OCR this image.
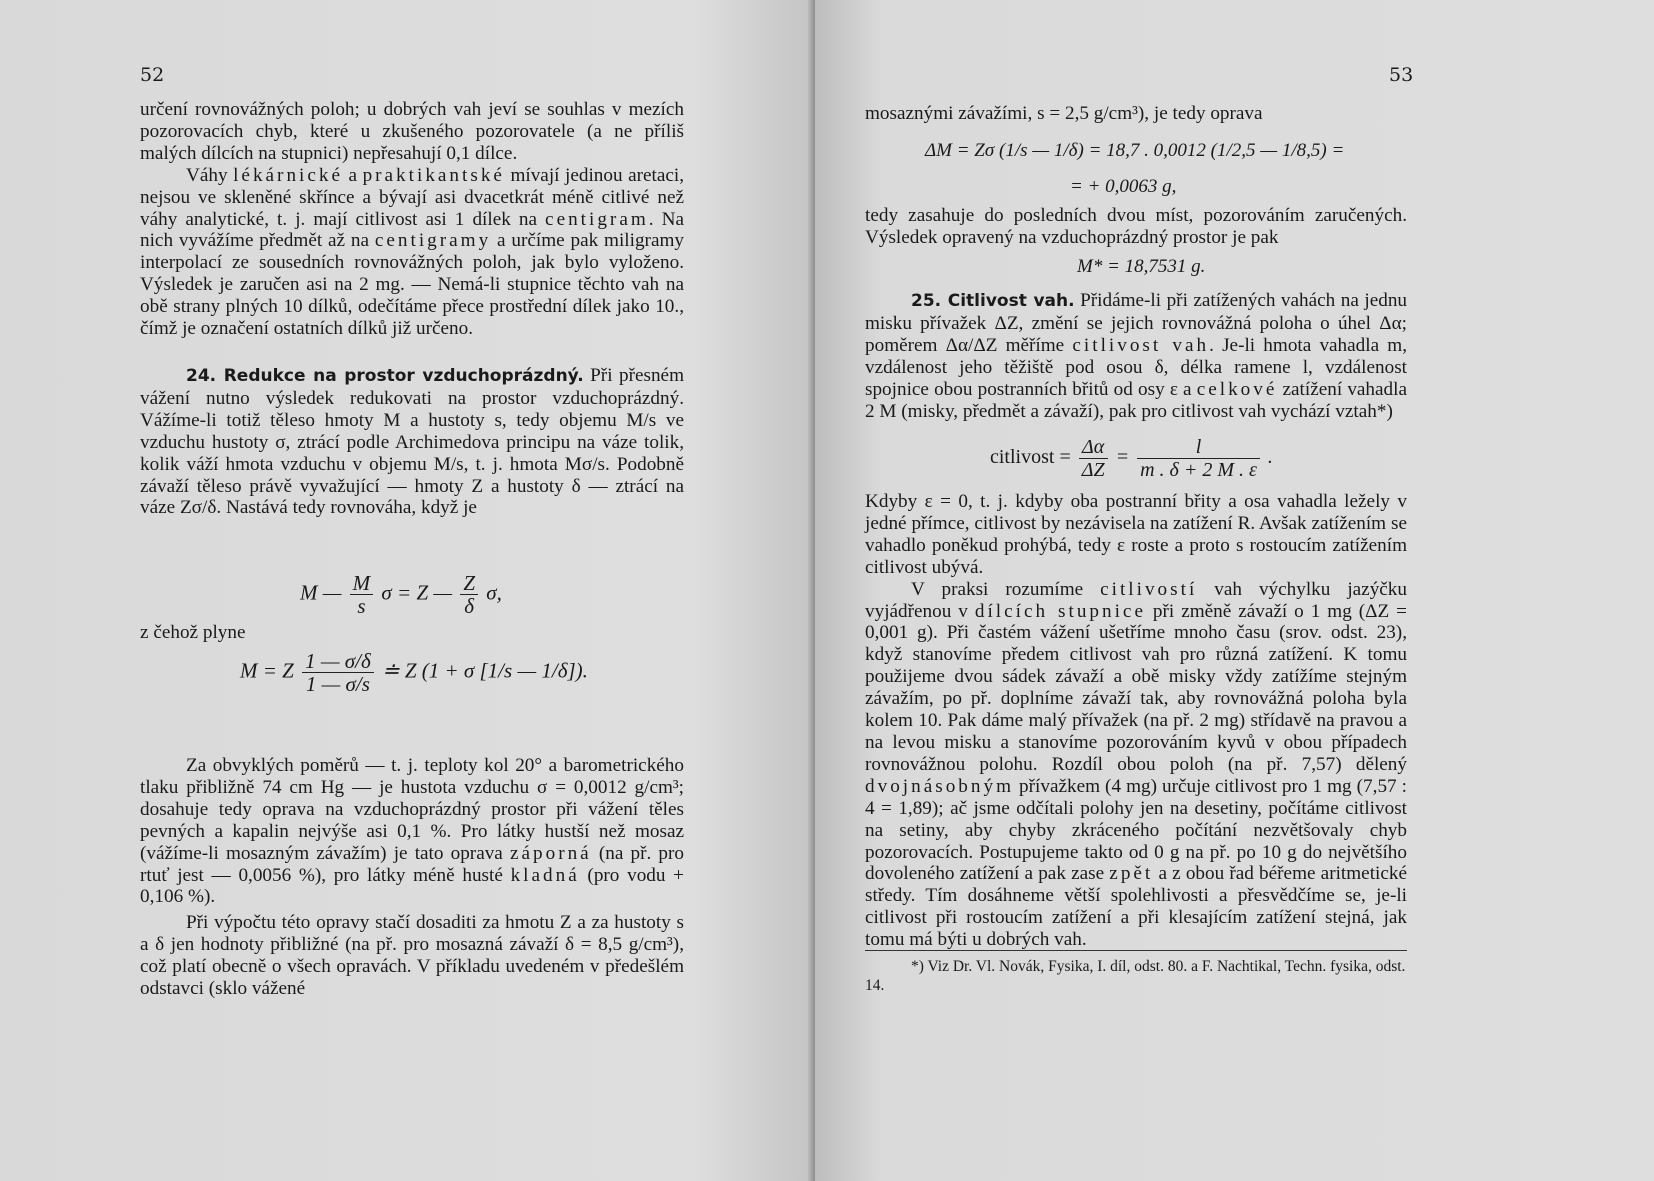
52

určení rovnovážných poloh; u dobrých vah jeví se souhlas v mezích pozorovacích chyb, které u zkušeného pozorovatele (a ne příliš malých dílcích na stupnici) nepřesahují 0,1 dílce.

Váhy lékárnické a praktikantské mívají jedinou aretaci, nejsou ve skleněné skřínce a bývají asi dvacetkrát méně citlivé než váhy analytické, t. j. mají citlivost asi 1 dílek na centigram. Na nich vyvážíme předmět až na centigramy a určíme pak miligramy interpolací ze sousedních rovnovážných poloh, jak bylo vyloženo. Výsledek je zaručen asi na 2 mg. — Nemá-li stupnice těchto vah na obě strany plných 10 dílků, odečítáme přece prostřední dílek jako 10., čímž je označení ostatních dílků již určeno.

24. Redukce na prostor vzduchoprázdný. Při přesném vážení nutno výsledek redukovati na prostor vzduchoprázdný. Vážíme-li totiž těleso hmoty M a hustoty s, tedy objemu M/s ve vzduchu hustoty σ, ztrácí podle Archimedova principu na váze tolik, kolik váží hmota vzduchu v objemu M/s, t. j. hmota Mσ/s. Podobně závaží těleso právě vyvažující — hmoty Z a hustoty δ — ztrácí na váze Zσ/δ. Nastává tedy rovnováha, když je

M — $\frac{M}{s}$ σ = Z — $\frac{Z}{\delta} \sigma$,
z čehož plyne
M = Z $\frac{1 — \sigma/\delta}{1 — \sigma/s}$ ≐ Z (1 + σ [1/s — 1/δ]).

Za obvyklých poměrů — t. j. teploty kol 20° a barometrického tlaku přibližně 74 cm Hg — je hustota vzduchu σ = 0,0012 g/cm³; dosahuje tedy oprava na vzduchoprázdný prostor při vážení těles pevných a kapalin nejvýše asi 0,1 %. Pro látky hustší než mosaz (vážíme-li mosazným závažím) je tato oprava záporná (na př. pro rtuť jest — 0,0056 %), pro látky méně husté kladná (pro vodu + 0,106 %).

Při výpočtu této opravy stačí dosaditi za hmotu Z a za hustoty s a δ jen hodnoty přibližné (na př. pro mosazná závaží δ = 8,5 g/cm³), což platí obecně o všech opravách. V příkladu uvedeném v předešlém odstavci (sklo vážené

53
mosaznými závažími, s = 2,5 g/cm³), je tedy oprava
ΔM = Zσ (1/s — 1/δ) = 18,7 . 0,0012 (1/2,5 — 1/8,5) =
= + 0,0063 g,

tedy zasahuje do posledních dvou míst, pozorováním zaručených. Výsledek opravený na vzduchoprázdný prostor je pak

M* = 18,7531 g.

25. Citlivost vah. Přidáme-li při zatížených vahách na jednu misku přívažek ΔZ, změní se jejich rovnovážná poloha o úhel Δα; poměrem Δα/ΔZ měříme citlivost vah. Je-li hmota vahadla m, vzdálenost jeho těžiště pod osou δ, délka ramene l, vzdálenost spojnice obou postranních břitů od osy ε a celkové zatížení vahadla 2 M (misky, předmět a závaží), pak pro citlivost vah vychází vztah*)

citlivost = $\frac{\Delta\alpha}{\Delta Z} = \frac{l}{m . \delta + 2 M . \varepsilon}$ .

Kdyby ε = 0, t. j. kdyby oba postranní břity a osa vahadla ležely v jedné přímce, citlivost by nezávisela na zatížení R. Avšak zatížením se vahadlo poněkud prohýbá, tedy ε roste a proto s rostoucím zatížením citlivost ubývá.

V praksi rozumíme citlivostí vah výchylku jazýčku vyjádřenou v dílcích stupnice při změně závaží o 1 mg (ΔZ = 0,001 g). Při častém vážení ušetříme mnoho času (srov. odst. 23), když stanovíme předem citlivost vah pro různá zatížení. K tomu použijeme dvou sádek závaží a obě misky vždy zatížíme stejným závažím, po př. doplníme závaží tak, aby rovnovážná poloha byla kolem 10. Pak dáme malý přívažek (na př. 2 mg) střídavě na pravou a na levou misku a stanovíme pozorováním kyvů v obou případech rovnovážnou polohu. Rozdíl obou poloh (na př. 7,57) dělený dvojnásobným přívažkem (4 mg) určuje citlivost pro 1 mg (7,57 : 4 = 1,89); ač jsme odčítali polohy jen na desetiny, počítáme citlivost na setiny, aby chyby zkráceného počítání nezvětšovaly chyb pozorovacích. Postupujeme takto od 0 g na př. po 10 g do největšího dovoleného zatížení a pak zase zpět a z obou řad béřeme aritmetické středy. Tím dosáhneme větší spolehlivosti a přesvědčíme se, je-li citlivost při rostoucím zatížení a při klesajícím zatížení stejná, jak tomu má býti u dobrých vah.

*) Viz Dr. Vl. Novák, Fysika, I. díl, odst. 80. a F. Nachtikal, Techn. fysika, odst. 14.
